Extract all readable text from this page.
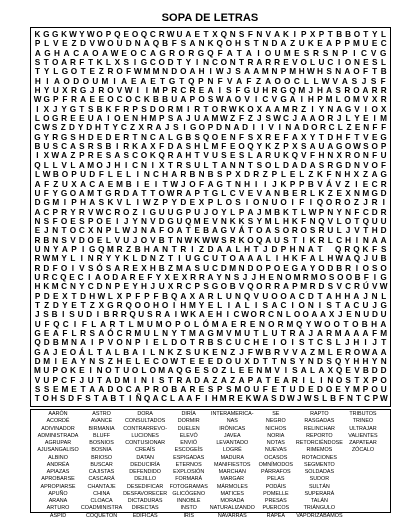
SOPA DE LETRAS
K G G K W Y W O P Q E O Q C R W U A E T X Q N S F N V A K I P X P T B B O T Y L
P L V E Z D V W O U D N A Q B F S A N K Q O H S T N D A Z U K E A P P M U E C
A G H A C A O A W E O C A G R O R G Q F A T A I O U M E S R S N P I C V G
S T O A R F T K L X S I G C O D T Y I N C O N T R A R R E V O L U C I O N E S L
T Y L G O T E Z R O F W M M N D O A H I W J S A A M N P M H W H S N A O F T B
H I A O D O U M I A E A E T G T Q P N F V A F Z A O O C L L W V A S J S F
H Y U X R G J R O V W I I M P R C R E A I S F G U H R G Q M J H A S R O A R R
W G P F R A E E O C O C K B B U A P O S W A O V I C V G A I H P M L O M V X R
I X J Y G T S B K F R P S D O R M I R T O R W K O X A A M R Z I Y N A G V I O X
L O G R E E U A I O E N H M P S A J U A M W Z F Z J S W C J A A O R J L Y E I M
C W S Z D Y D H T Y C Z X R A J S I G O P D N A D I I V I N A D O R C L Z E N F F
G Y R G S H D E D E R T N C A L G B S Q O E N F S X R E F A X Y T D H F T V E G
B U S C A S R S B I R K A X F D A S H L M F E O Q Y K Z P X S A U A G O W S O P
I X W A Z P R E S A S C O K Q R A H T V U S E S L A R U K Q V F H N X R O N F U
Q L L V L A M O J H I C N I X T R S U L T A N N T S O L D A D A S R G D N V O F
L W B O P U D F L E L I N C H A R B N B S P X D R Z P L E L Z K F N H X Z A G
A F Z U X A C A E M B I E I T W J O F A G T N H I I J K P P B V Á V Z I E C R
U F Y G O A M T G R D A T T O W R A P T G L C V E V A N B E R L K Z E X N M G D
D G M I P H A S K V L I W Z P Y D E X P L O S I O N U O I F I Q O R O Z J R I
A C P R Y R V W C R O Z I G U U G P U J O Y L P A J M B K T L W P N Y N F C D R
N S F O E S P O E I J Y N V D G U Q M E V N K K S Y M L H K F N Q V L O T Q U U
E J N T O C X N P L W J N A F O A T E B A G V Á T O A S O R O S R U L J V T H D
R B N S V D O E L V U J O V B T N W K W W S R K O Q A U S T I K R L C H I N A A
U N Y A P I G Q M R Z B H A N T R I Z D A A L H T J D P H N A T Q R Q K F S
R W M Y L I N R Y Y K L D N Z T I U G C U T O A A A L I H K F A L H W A Q J U B
R D F O I V S Ó S A R E X H B Z M A S U C D M N D O P O E G A Y O D B R I O S O
U R C Q E C I A O D A R E F Y X E X R R A Y N S J J H E N O M R M O S O O B F I G
H K M C N Y C D N P E Y H J U X R C P S G O B V Q O R R A P M R D S V C R Ú V W
P D E X T D H W L X P F P F B Q A X A R L U N Q V U O O A C D T A H H A J N L
T Z D Y E T Z X G R Q O O H O I H M Y E L I A L I S A C I O N I S T A C U J G
J S B I S U D I B R R Q U S R A I W K A E H I C W O R C N L O O A A X J E N U D U
U F Q C I F L A R T L M U M O P O L Ó M A E R E N O R M Q Y W O O T O B H A
G E A F L R S A Ó C R M U L N Y T M A G M V M U T L U T R A J A R M A A A F M
Q D B M N A I P V O N P I E L D O T R B S C U C H E I O I S T C S L J H I J T
G A J E O Á L T A L B A I L N K Z S U K E N Z J F W B R V V A Z M L E R O W A A
D M I E A Y N S Z H E L E C O W T E E E D O U X D T T N S Y N D S Q Y H H Y N
M U P O K E I N O T U O L O M A Q G E S O Z L E E N M V I S A L A X Q E V B D D
V U P C F J U T A D M I N I S T R A D A Z A Z A P A T E A R I L I N O S T X P O
S S E M E T A A D O C A P R O B A R E S P S M O U F E T U D E D O E Y M P O U
T O H S D F S T A B T I Ñ Q A C L A A F I H M R E K W A S D W J W S L B F N T C P W
AARÓN
ACORDÉ
ADIVINADOR
ADMINISTRADA
AGRUPAR
AJUSANGALISO
ALBINO
ANDRÉA
APIAZAS
APROBARSE
APROPIARSE
APUÑO
ARANA
ARTURO
ÁSPID
ASTRO
AVANCE
BIRMANIA
BLUFF
BOSNIOS
BOSNIA
BRIOSO
BUSCAR
CAJISTAS
CASCARÁ
CHANTAJE
CHINA
CLOACA
COADMINISTRA
COQUETÓN
DORA
CONSULTADOS
CONTRARREVO-
LUCIONES
CONTUSIONAR
CREAÍS
DATAN
DEDUCIRÍA
DEFENDIDO
DEJILLO
DESEDIFICAR
DESFAVORECER
DICTADURAS
DIRECTAS
EDIFICAS
DIRÍA
DORMIR
DUELEN
ELEVÓ
ENVIÓ
ESCOGEÍS
ESPIGADAS
ETERNOS
EXPLOSIÓN
FORMARÁ
FOTOGRAMAS
GLICÓGENO
INNOBLE
INSTO
ÍRIS
INTERAMERICA-
NAS
IRÓNICAS
JAVEA
LEVANTADO
LOGRÉ
MADURA
MANIFIESTOS
MARCHAN
MARGAR
MÁRMOLES
MATICES
MORADA
NATURALIZANDO
NAVARRAS
SE
NEGRO
NICHOS
NORIA
NOTAS
NUEVAS
OCASOS
OMNÍMODOS
PÁRRAFOS
PELAS
PODÁIS
POMELLE
PRESAS
PUERCOS
RAPEA
RAPTO
RASGADAS
RELINCHAR
REPORTO
RETORCIÉNDOSE
RIMEMOS
ROTACIONES
SEGMENTO
SOLDADAS
SUDOR
SULTÁN
SUPERARÁ
TALÁN
TRIÁNGULO
VAPORIZÁBAMOS
TRIBUTOS
TRINEO
ULTRAJAR
VALIENTES
ZAPATEAR
ZÓCALO
